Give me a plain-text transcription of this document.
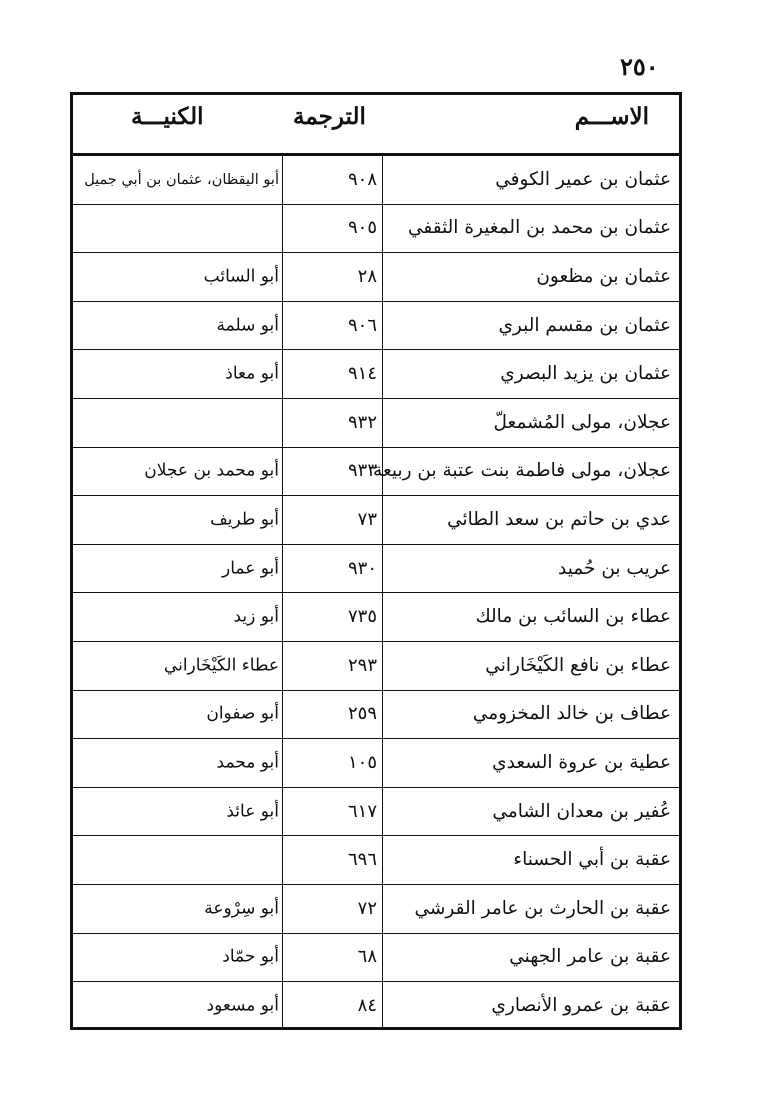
٢٥٠
الاســـم
الترجمة
الكنيـــة
عثمان بن عمير الكوفي
٩٠٨
أبو اليقظان، عثمان بن أبي جميل
عثمان بن محمد بن المغيرة الثقفي
٩٠٥
عثمان بن مظعون
٢٨
أبو السائب
عثمان بن مقسم البري
٩٠٦
أبو سلمة
عثمان بن يزيد البصري
٩١٤
أبو معاذ
عجلان، مولى المُشمعلّ
٩٣٢
عجلان، مولى فاطمة بنت عتبة بن ربيعة
٩٣٣
أبو محمد بن عجلان
عدي بن حاتم بن سعد الطائي
٧٣
أبو طريف
عريب بن حُميد
٩٣٠
أبو عمار
عطاء بن السائب بن مالك
٧٣٥
أبو زيد
عطاء بن نافع الكَيْخَاراني
٢٩٣
عطاء الكَيْخَاراني
عطاف بن خالد المخزومي
٢٥٩
أبو صفوان
عطية بن عروة السعدي
١٠٥
أبو محمد
عُفير بن معدان الشامي
٦١٧
أبو عائذ
عقبة بن أبي الحسناء
٦٩٦
عقبة بن الحارث بن عامر القرشي
٧٢
أبو سِرْوعة
عقبة بن عامر الجهني
٦٨
أبو حمّاد
عقبة بن عمرو الأنصاري
٨٤
أبو مسعود
